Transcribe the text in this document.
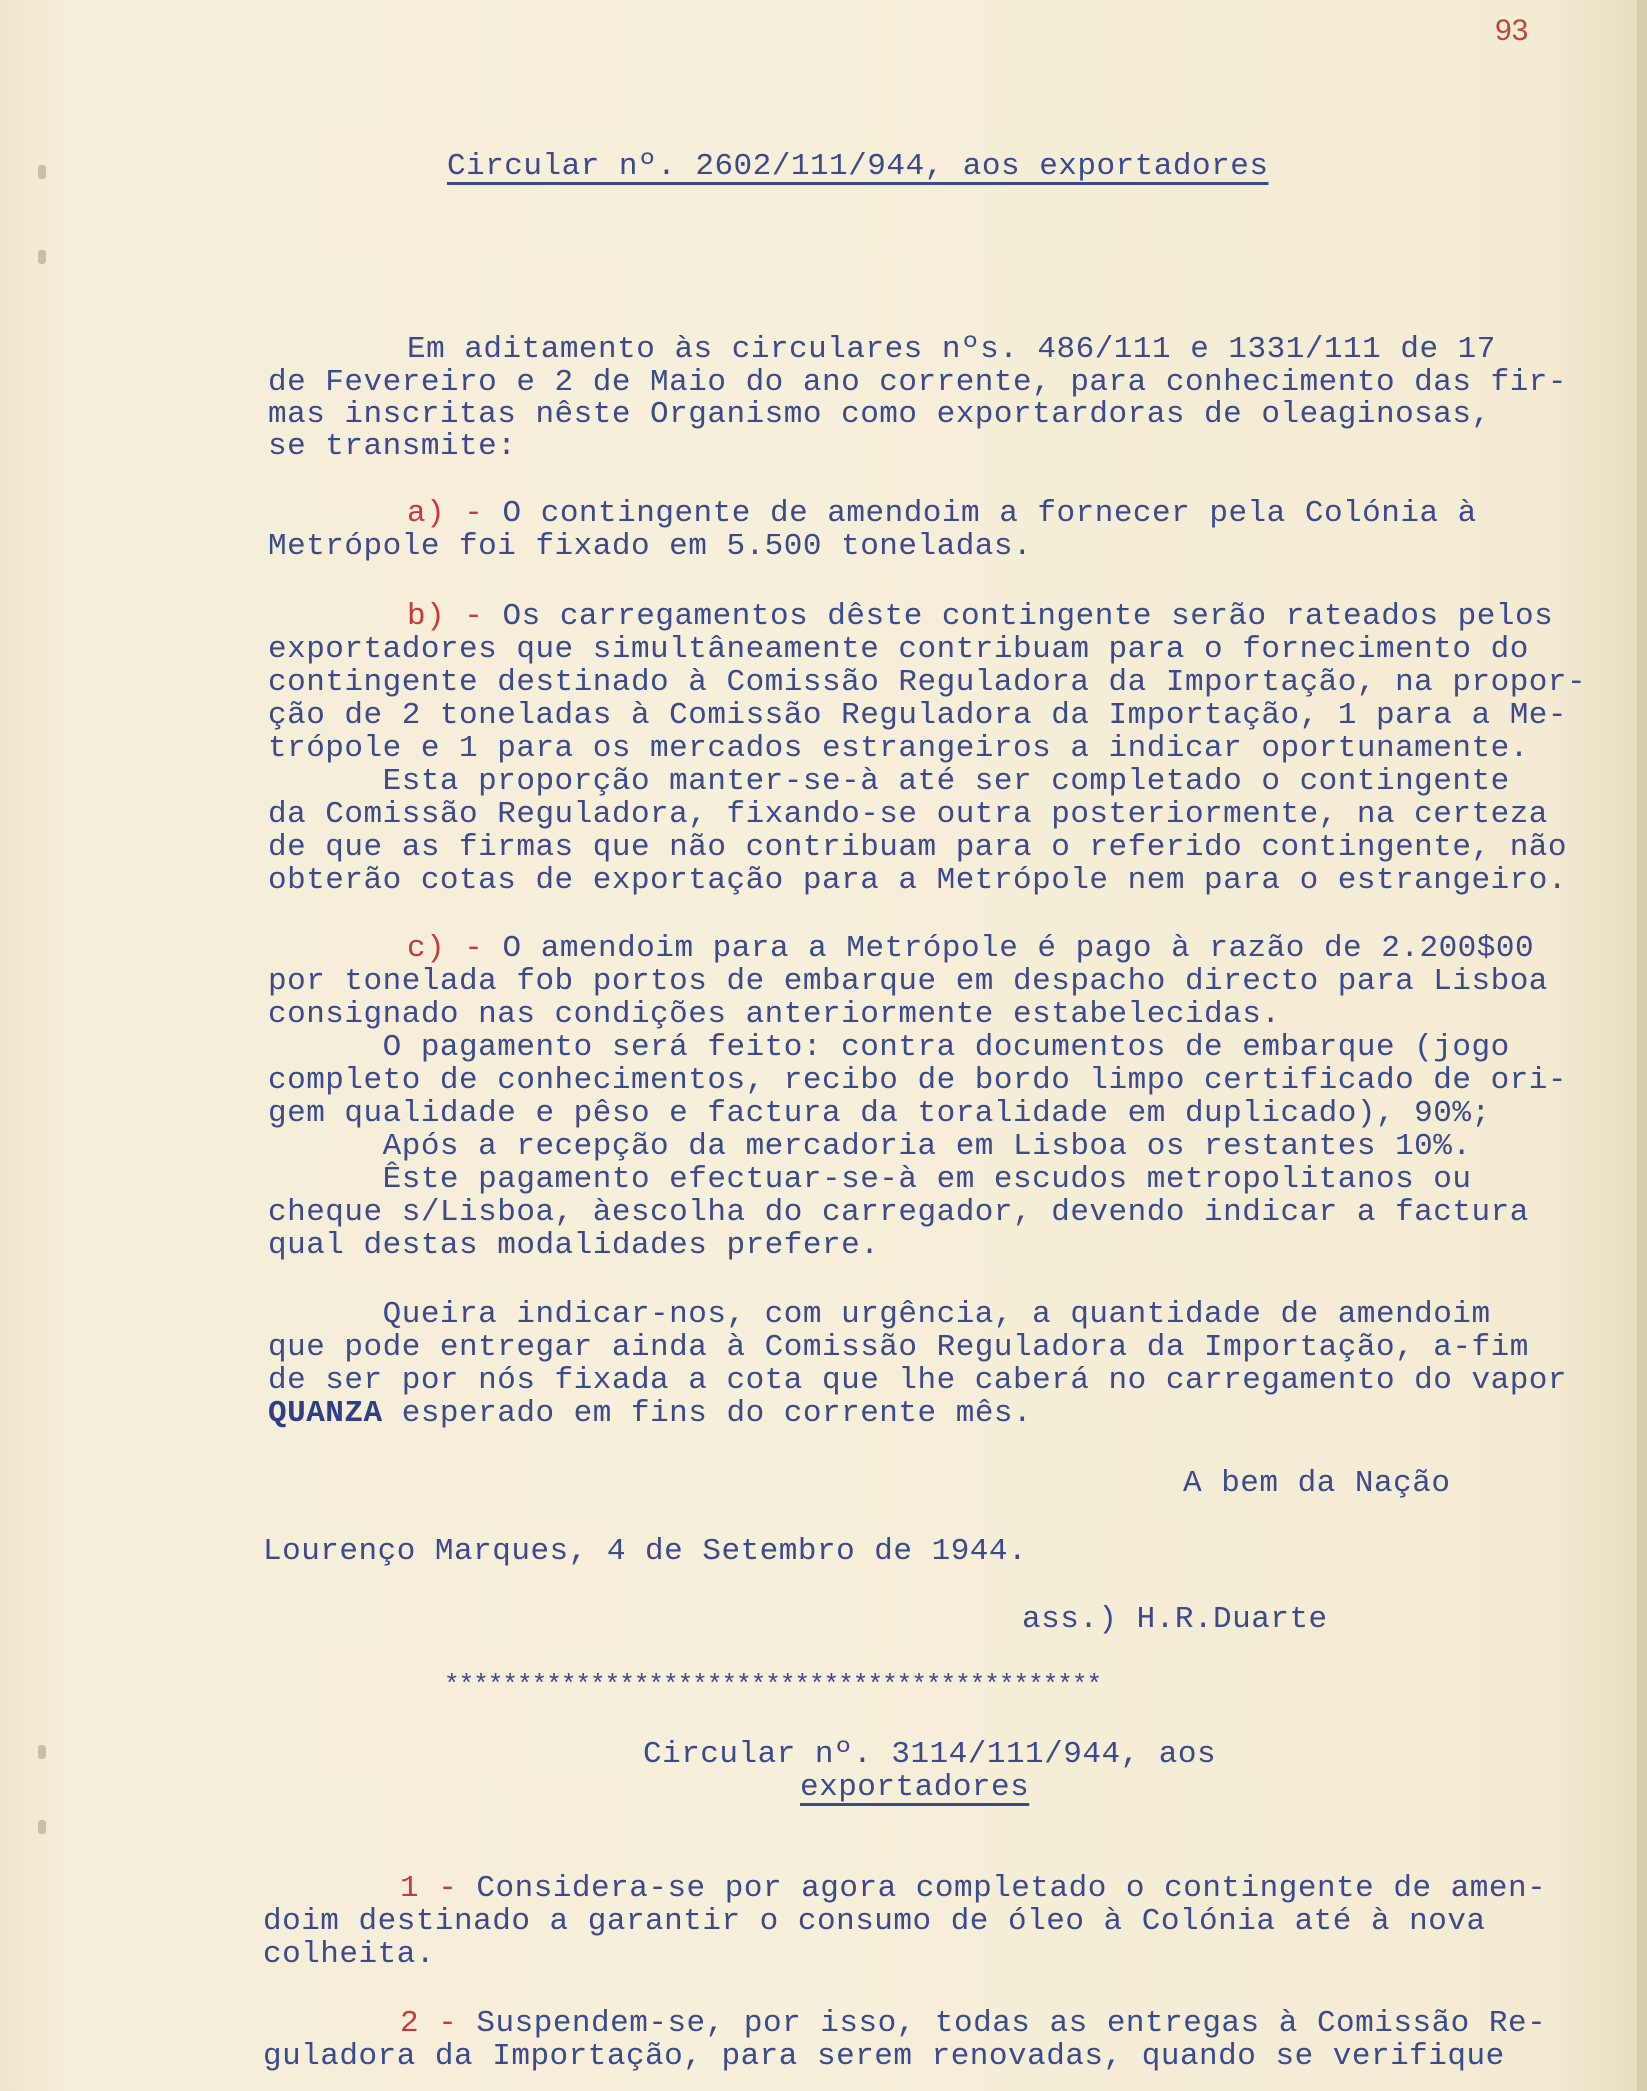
93
Circular nº. 2602/111/944, aos exportadores
Em aditamento às circulares nºs. 486/111 e 1331/111 de 17
de Fevereiro e 2 de Maio do ano corrente, para conhecimento das fir-
mas inscritas nêste Organismo como exportardoras de oleaginosas,
se transmite:
a) - O contingente de amendoim a fornecer pela Colónia à
Metrópole foi fixado em 5.500 toneladas.
b) - Os carregamentos dêste contingente serão rateados pelos
exportadores que simultâneamente contribuam para o fornecimento do
contingente destinado à Comissão Reguladora da Importação, na propor-
ção de 2 toneladas à Comissão Reguladora da Importação, 1 para a Me-
trópole e 1 para os mercados estrangeiros a indicar oportunamente.
Esta proporção manter-se-à até ser completado o contingente
da Comissão Reguladora, fixando-se outra posteriormente, na certeza
de que as firmas que não contribuam para o referido contingente, não
obterão cotas de exportação para a Metrópole nem para o estrangeiro.
c) - O amendoim para a Metrópole é pago à razão de 2.200$00
por tonelada fob portos de embarque em despacho directo para Lisboa
consignado nas condições anteriormente estabelecidas.
O pagamento será feito: contra documentos de embarque (jogo
completo de conhecimentos, recibo de bordo limpo certificado de ori-
gem qualidade e pêso e factura da toralidade em duplicado), 90%;
Após a recepção da mercadoria em Lisboa os restantes 10%.
Êste pagamento efectuar-se-à em escudos metropolitanos ou
cheque s/Lisboa, àescolha do carregador, devendo indicar a factura
qual destas modalidades prefere.
Queira indicar-nos, com urgência, a quantidade de amendoim
que pode entregar ainda à Comissão Reguladora da Importação, a-fim
de ser por nós fixada a cota que lhe caberá no carregamento do vapor
QUANZA esperado em fins do corrente mês.
A bem da Nação
Lourenço Marques, 4 de Setembro de 1944.
ass.) H.R.Duarte
*********************************************
Circular nº. 3114/111/944, aos
exportadores
1 - Considera-se por agora completado o contingente de amen-
doim destinado a garantir o consumo de óleo à Colónia até à nova
colheita.
2 - Suspendem-se, por isso, todas as entregas à Comissão Re-
guladora da Importação, para serem renovadas, quando se verifique
